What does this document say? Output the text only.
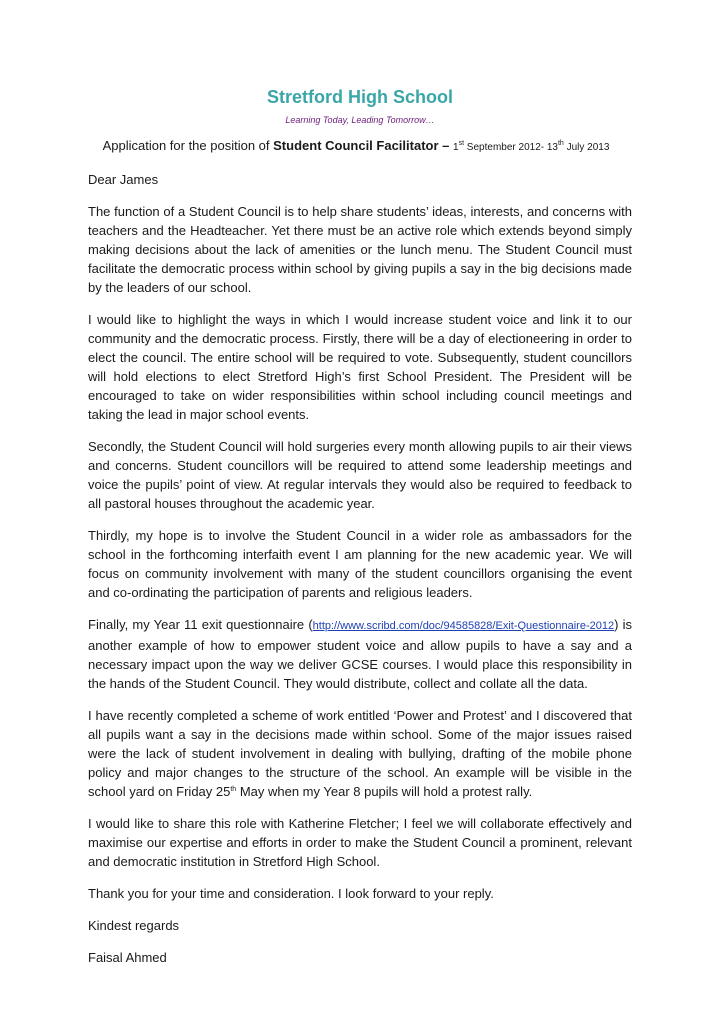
Stretford High School

Learning Today, Leading Tomorrow…

Application for the position of Student Council Facilitator – 1st September 2012- 13th July 2013

Dear James

The function of a Student Council is to help share students’ ideas, interests, and concerns with teachers and the Headteacher. Yet there must be an active role which extends beyond simply making decisions about the lack of amenities or the lunch menu. The Student Council must facilitate the democratic process within school by giving pupils a say in the big decisions made by the leaders of our school.

I would like to highlight the ways in which I would increase student voice and link it to our community and the democratic process. Firstly, there will be a day of electioneering in order to elect the council. The entire school will be required to vote. Subsequently, student councillors will hold elections to elect Stretford High’s first School President. The President will be encouraged to take on wider responsibilities within school including council meetings and taking the lead in major school events.

Secondly, the Student Council will hold surgeries every month allowing pupils to air their views and concerns. Student councillors will be required to attend some leadership meetings and voice the pupils’ point of view. At regular intervals they would also be required to feedback to all pastoral houses throughout the academic year.

Thirdly, my hope is to involve the Student Council in a wider role as ambassadors for the school in the forthcoming interfaith event I am planning for the new academic year. We will focus on community involvement with many of the student councillors organising the event and co-ordinating the participation of parents and religious leaders.

Finally, my Year 11 exit questionnaire (http://www.scribd.com/doc/94585828/Exit-Questionnaire-2012) is another example of how to empower student voice and allow pupils to have a say and a necessary impact upon the way we deliver GCSE courses. I would place this responsibility in the hands of the Student Council. They would distribute, collect and collate all the data.

I have recently completed a scheme of work entitled ‘Power and Protest’ and I discovered that all pupils want a say in the decisions made within school. Some of the major issues raised were the lack of student involvement in dealing with bullying, drafting of the mobile phone policy and major changes to the structure of the school. An example will be visible in the school yard on Friday 25th May when my Year 8 pupils will hold a protest rally.

I would like to share this role with Katherine Fletcher; I feel we will collaborate effectively and maximise our expertise and efforts in order to make the Student Council a prominent, relevant and democratic institution in Stretford High School.

Thank you for your time and consideration. I look forward to your reply.

Kindest regards

Faisal Ahmed
